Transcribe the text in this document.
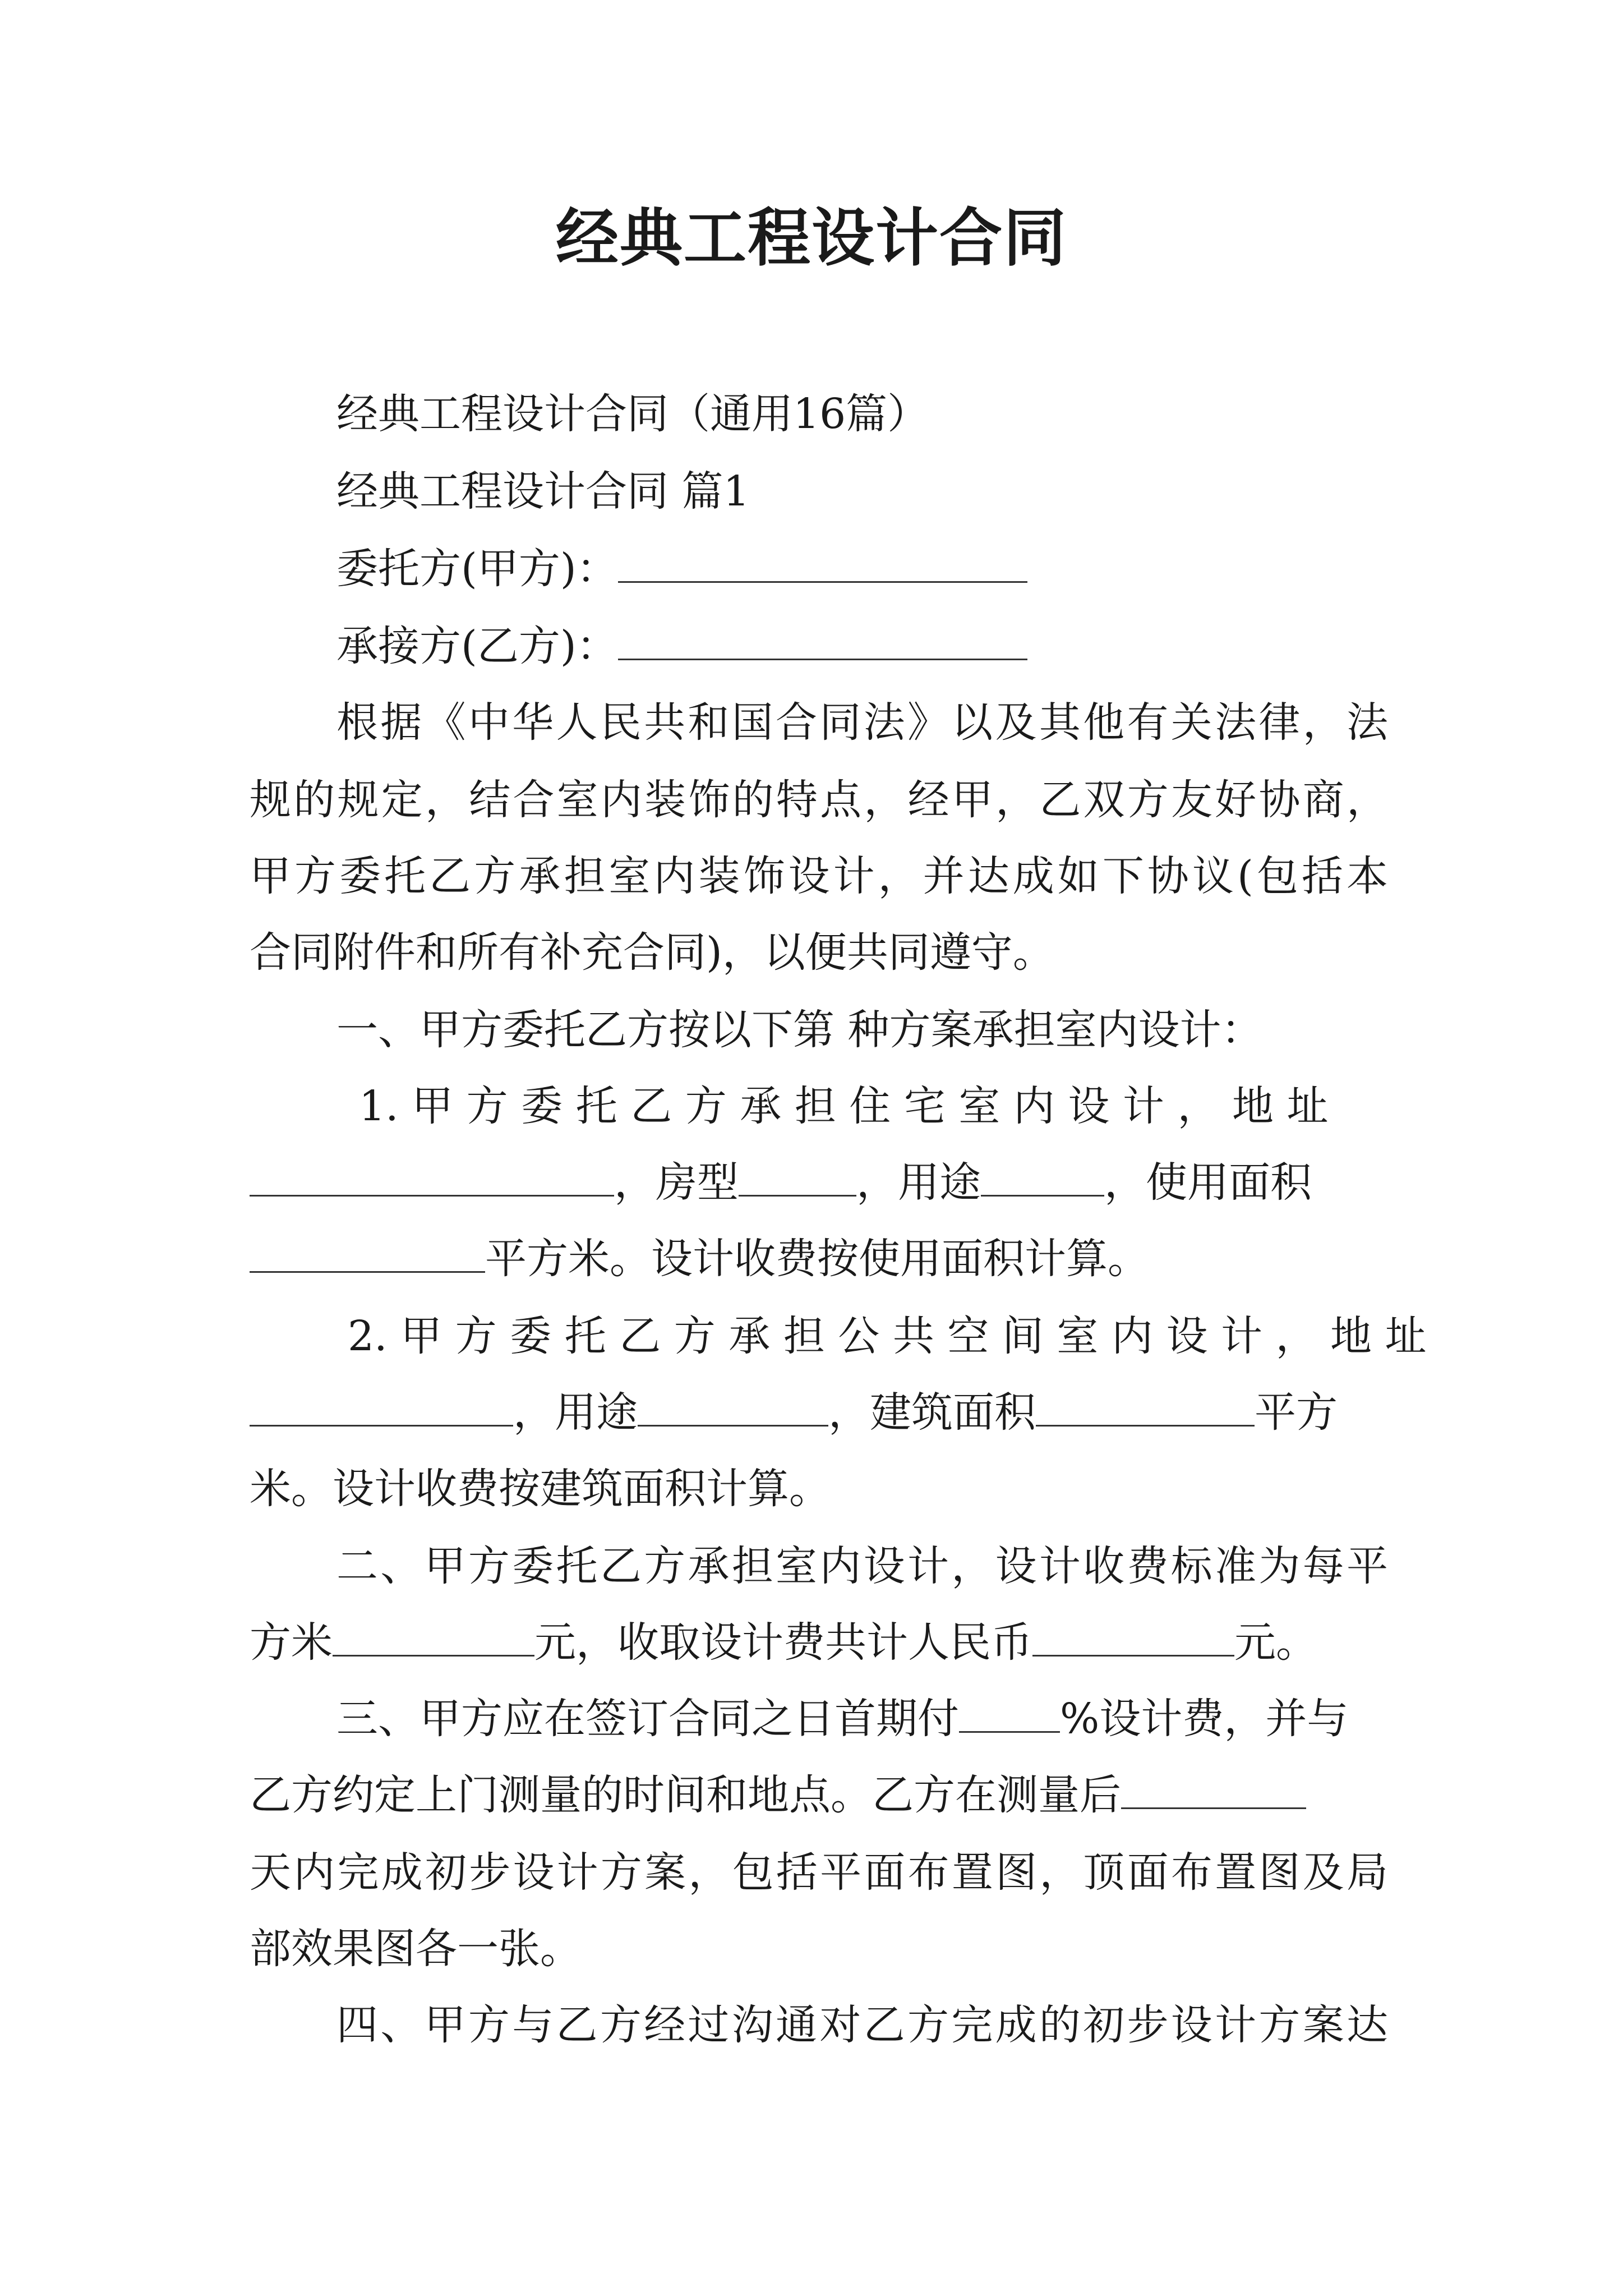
经典工程设计合同
经典工程设计合同（通用16篇）
经典工程设计合同 篇1
委托方(甲方)：
承接方(乙方)：
根据《中华人民共和国合同法》以及其他有关法律，法
规的规定，结合室内装饰的特点，经甲，乙双方友好协商，
甲方委托乙方承担室内装饰设计，并达成如下协议(包括本
合同附件和所有补充合同)，以便共同遵守。
一、甲方委托乙方按以下第 种方案承担室内设计：
1. 甲 方 委 托 乙 方 承 担 住 宅 室 内 设 计 ， 地 址
，房型	，用途	，使用面积
平方米。设计收费按使用面积计算。
2. 甲 方 委 托 乙 方 承 担 公 共 空 间 室 内 设 计 ， 地 址
，用途	，建筑面积	平方
米。设计收费按建筑面积计算。
二、甲方委托乙方承担室内设计，设计收费标准为每平
方米	元，收取设计费共计人民币	元。
三、甲方应在签订合同之日首期付 %设计费，并与
乙方约定上门测量的时间和地点。乙方在测量后
天内完成初步设计方案，包括平面布置图，顶面布置图及局
部效果图各一张。
四、甲方与乙方经过沟通对乙方完成的初步设计方案达
